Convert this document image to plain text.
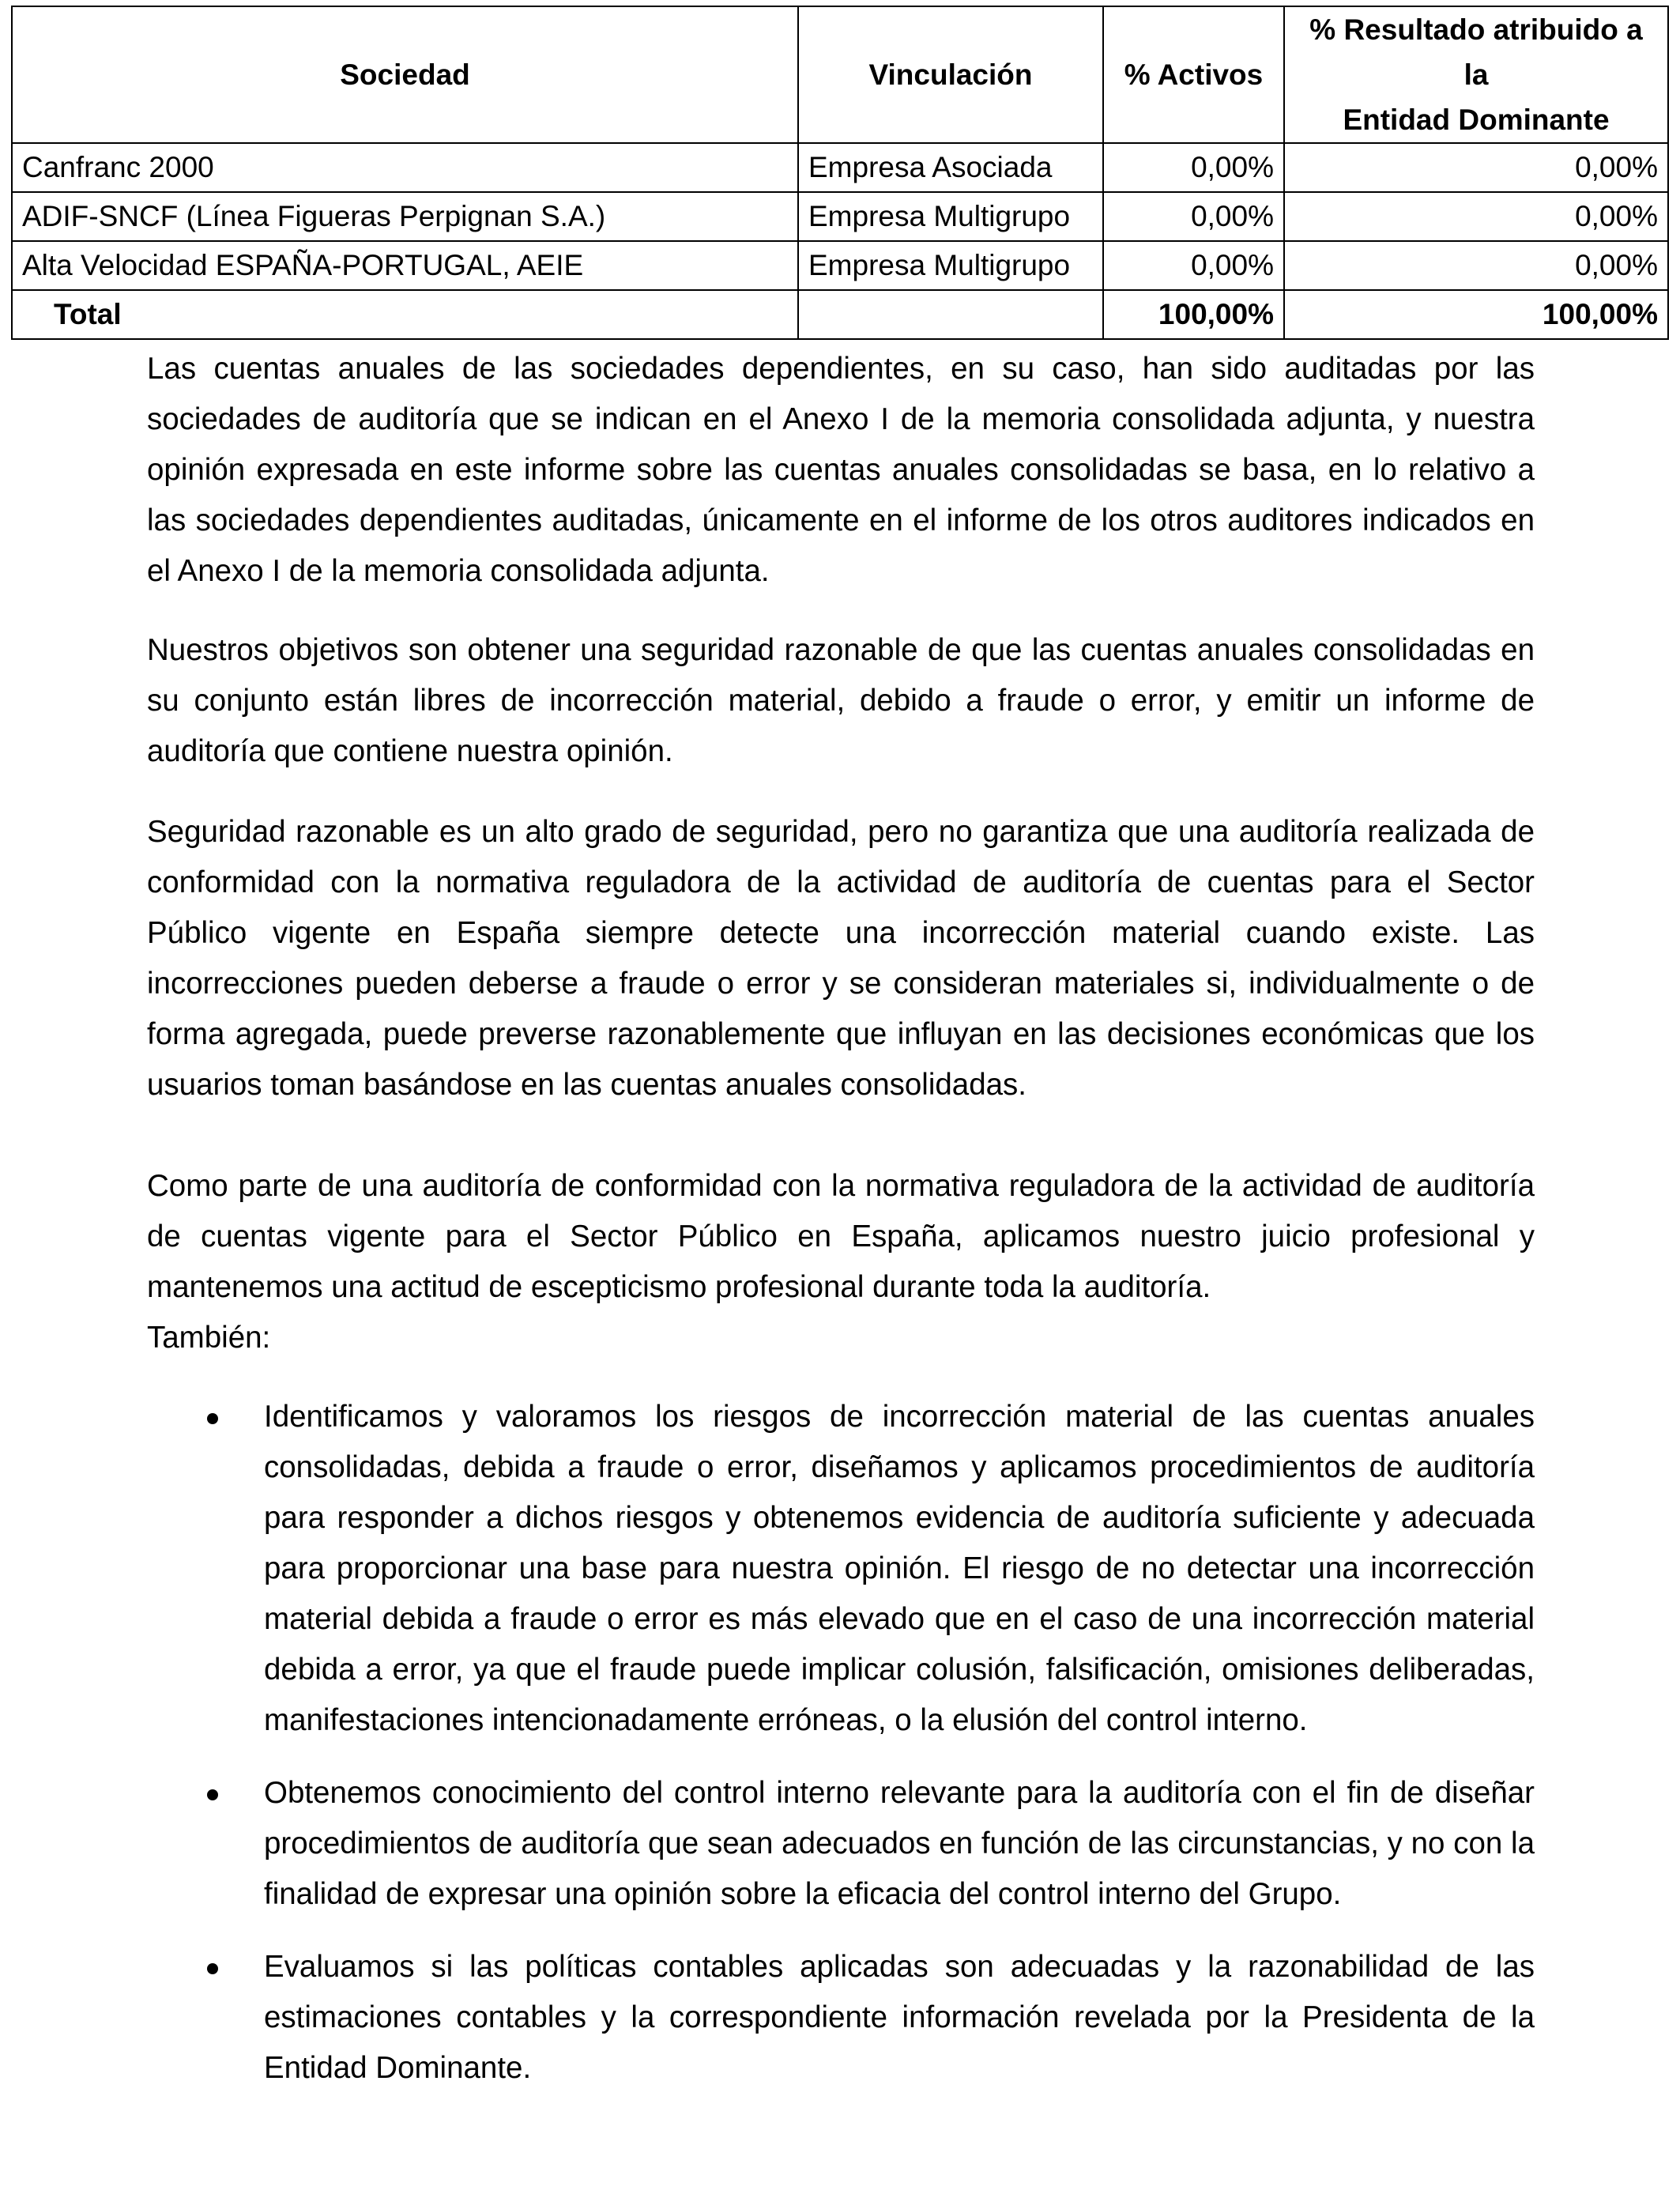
Sociedad	Vinculación	% Activos	% Resultado atribuido a la
Entidad Dominante
Canfranc 2000	Empresa Asociada	0,00%	0,00%
ADIF-SNCF (Línea Figueras Perpignan S.A.)	Empresa Multigrupo	0,00%	0,00%
Alta Velocidad ESPAÑA-PORTUGAL, AEIE	Empresa Multigrupo	0,00%	0,00%
Total		100,00%	100,00%

Las cuentas anuales de las sociedades dependientes, en su caso, han sido auditadas por las sociedades de auditoría que se indican en el Anexo I de la memoria consolidada adjunta, y nuestra opinión expresada en este informe sobre las cuentas anuales consolidadas se basa, en lo relativo a las sociedades dependientes auditadas, únicamente en el informe de los otros auditores indicados en el Anexo I de la memoria consolidada adjunta.

Nuestros objetivos son obtener una seguridad razonable de que las cuentas anuales consolidadas en su conjunto están libres de incorrección material, debido a fraude o error, y emitir un informe de auditoría que contiene nuestra opinión.

Seguridad razonable es un alto grado de seguridad, pero no garantiza que una auditoría realizada de conformidad con la normativa reguladora de la actividad de auditoría de cuentas para el Sector Público vigente en España siempre detecte una incorrección material cuando existe. Las incorrecciones pueden deberse a fraude o error y se consideran materiales si, individualmente o de forma agregada, puede preverse razonablemente que influyan en las decisiones económicas que los usuarios toman basándose en las cuentas anuales consolidadas.

Como parte de una auditoría de conformidad con la normativa reguladora de la actividad de auditoría de cuentas vigente para el Sector Público en España, aplicamos nuestro juicio profesional y mantenemos una actitud de escepticismo profesional durante toda la auditoría.
También:

Identificamos y valoramos los riesgos de incorrección material de las cuentas anuales consolidadas, debida a fraude o error, diseñamos y aplicamos procedimientos de auditoría para responder a dichos riesgos y obtenemos evidencia de auditoría suficiente y adecuada para proporcionar una base para nuestra opinión. El riesgo de no detectar una incorrección material debida a fraude o error es más elevado que en el caso de una incorrección material debida a error, ya que el fraude puede implicar colusión, falsificación, omisiones deliberadas, manifestaciones intencionadamente erróneas, o la elusión del control interno.
Obtenemos conocimiento del control interno relevante para la auditoría con el fin de diseñar procedimientos de auditoría que sean adecuados en función de las circunstancias, y no con la finalidad de expresar una opinión sobre la eficacia del control interno del Grupo.
Evaluamos si las políticas contables aplicadas son adecuadas y la razonabilidad de las estimaciones contables y la correspondiente información revelada por la Presidenta de la Entidad Dominante.
